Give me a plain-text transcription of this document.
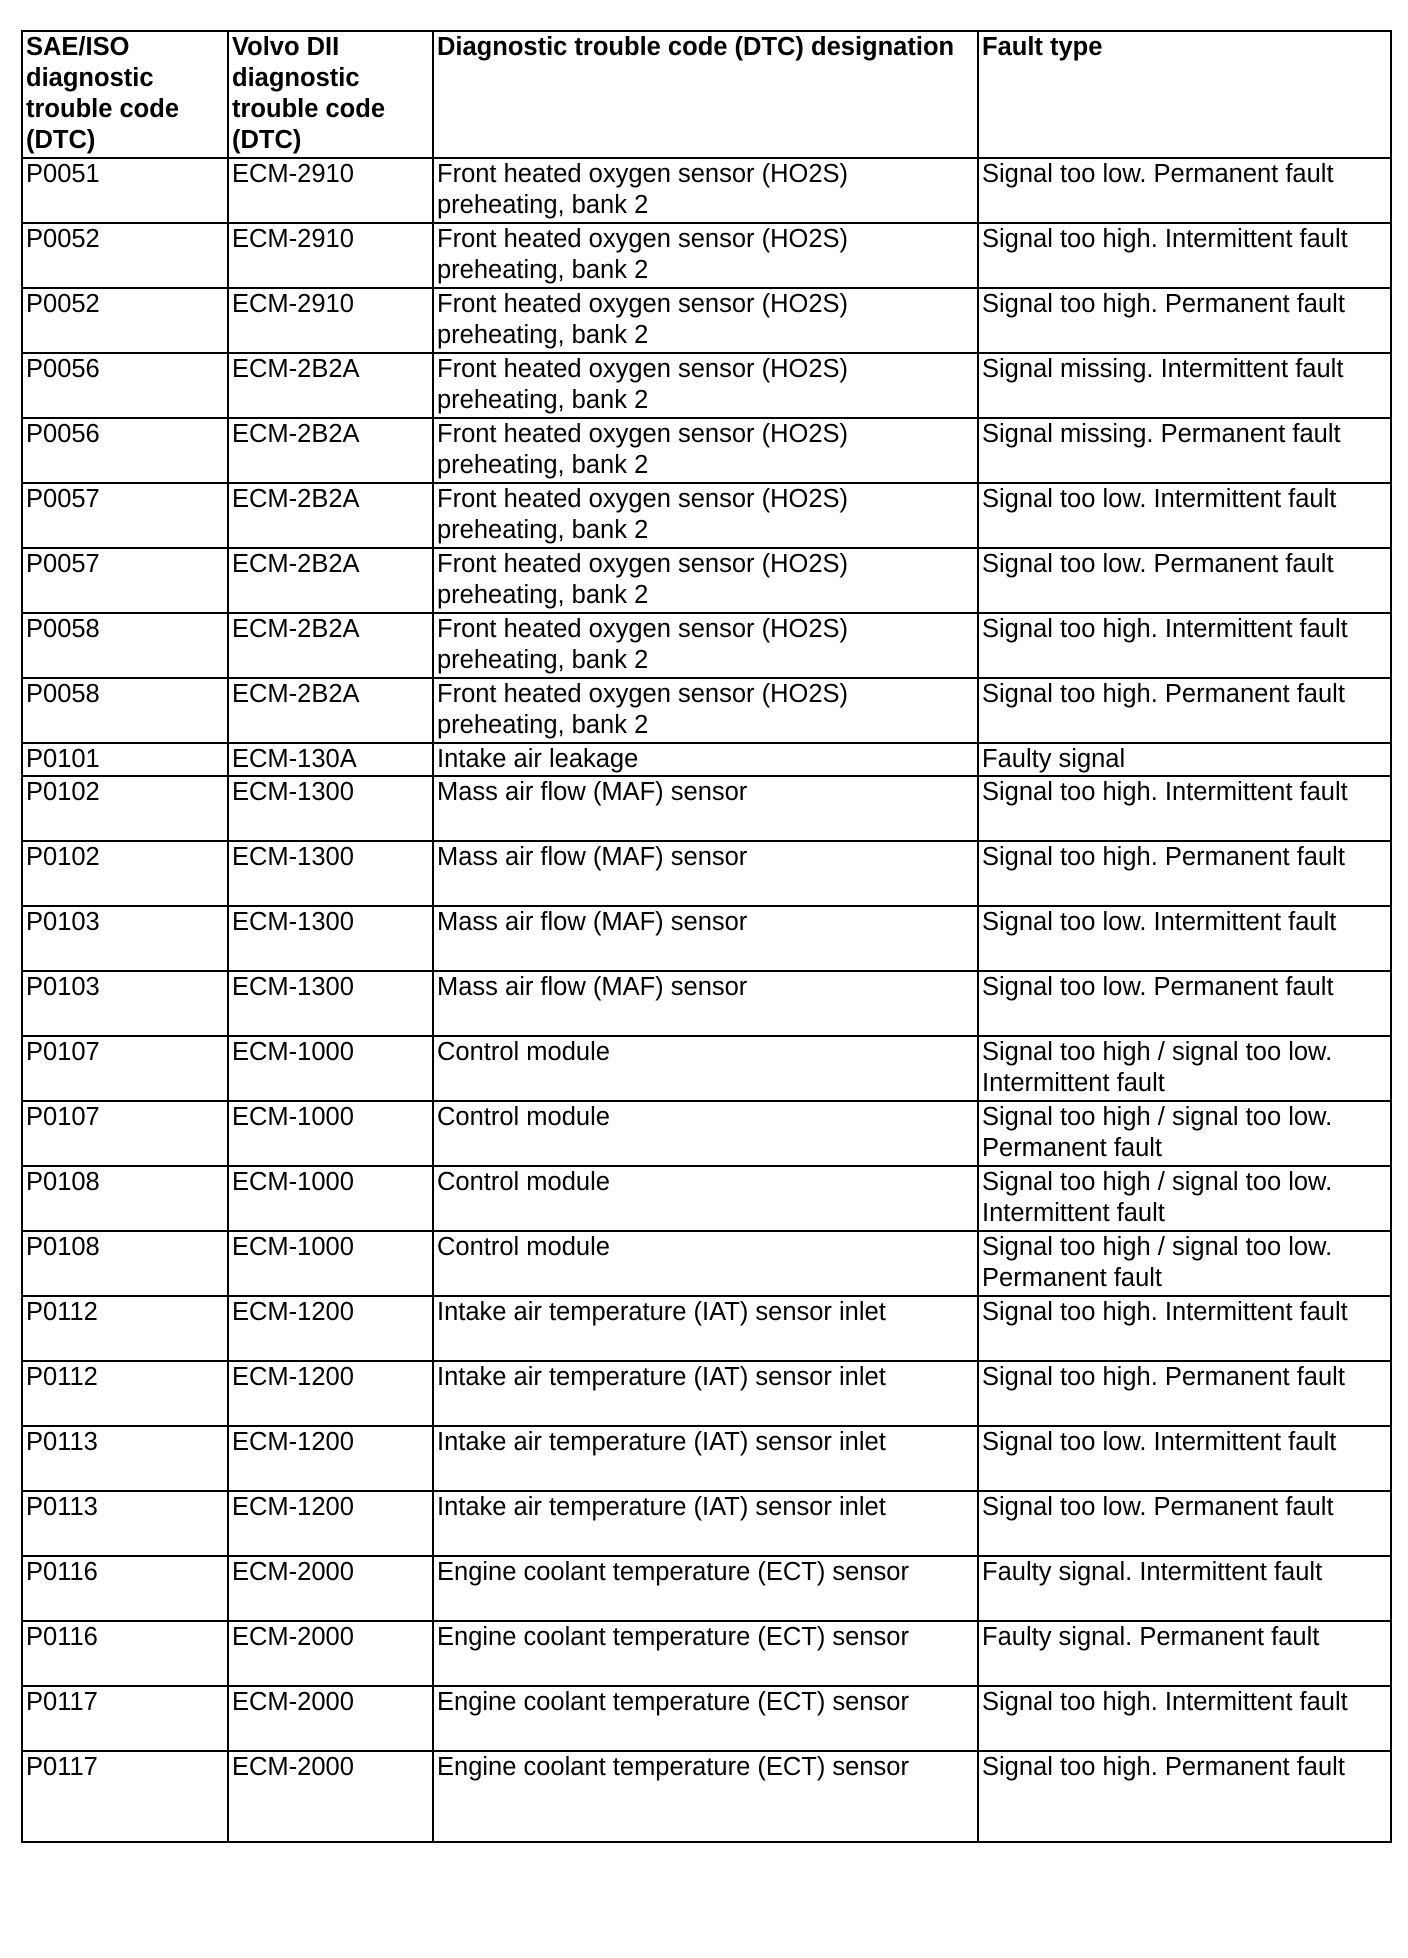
SAE/ISO diagnostic trouble code (DTC)	Volvo DII diagnostic trouble code (DTC)	Diagnostic trouble code (DTC) designation	Fault type
P0051	ECM-2910	Front heated oxygen sensor (HO2S) preheating, bank 2	Signal too low. Permanent fault
P0052	ECM-2910	Front heated oxygen sensor (HO2S) preheating, bank 2	Signal too high. Intermittent fault
P0052	ECM-2910	Front heated oxygen sensor (HO2S) preheating, bank 2	Signal too high. Permanent fault
P0056	ECM-2B2A	Front heated oxygen sensor (HO2S) preheating, bank 2	Signal missing. Intermittent fault
P0056	ECM-2B2A	Front heated oxygen sensor (HO2S) preheating, bank 2	Signal missing. Permanent fault
P0057	ECM-2B2A	Front heated oxygen sensor (HO2S) preheating, bank 2	Signal too low. Intermittent fault
P0057	ECM-2B2A	Front heated oxygen sensor (HO2S) preheating, bank 2	Signal too low. Permanent fault
P0058	ECM-2B2A	Front heated oxygen sensor (HO2S) preheating, bank 2	Signal too high. Intermittent fault
P0058	ECM-2B2A	Front heated oxygen sensor (HO2S) preheating, bank 2	Signal too high. Permanent fault
P0101	ECM-130A	Intake air leakage	Faulty signal
P0102	ECM-1300	Mass air flow (MAF) sensor	Signal too high. Intermittent fault
P0102	ECM-1300	Mass air flow (MAF) sensor	Signal too high. Permanent fault
P0103	ECM-1300	Mass air flow (MAF) sensor	Signal too low. Intermittent fault
P0103	ECM-1300	Mass air flow (MAF) sensor	Signal too low. Permanent fault
P0107	ECM-1000	Control module	Signal too high / signal too low. Intermittent fault
P0107	ECM-1000	Control module	Signal too high / signal too low. Permanent fault
P0108	ECM-1000	Control module	Signal too high / signal too low. Intermittent fault
P0108	ECM-1000	Control module	Signal too high / signal too low. Permanent fault
P0112	ECM-1200	Intake air temperature (IAT) sensor inlet	Signal too high. Intermittent fault
P0112	ECM-1200	Intake air temperature (IAT) sensor inlet	Signal too high. Permanent fault
P0113	ECM-1200	Intake air temperature (IAT) sensor inlet	Signal too low. Intermittent fault
P0113	ECM-1200	Intake air temperature (IAT) sensor inlet	Signal too low. Permanent fault
P0116	ECM-2000	Engine coolant temperature (ECT) sensor	Faulty signal. Intermittent fault
P0116	ECM-2000	Engine coolant temperature (ECT) sensor	Faulty signal. Permanent fault
P0117	ECM-2000	Engine coolant temperature (ECT) sensor	Signal too high. Intermittent fault
P0117	ECM-2000	Engine coolant temperature (ECT) sensor	Signal too high. Permanent fault
